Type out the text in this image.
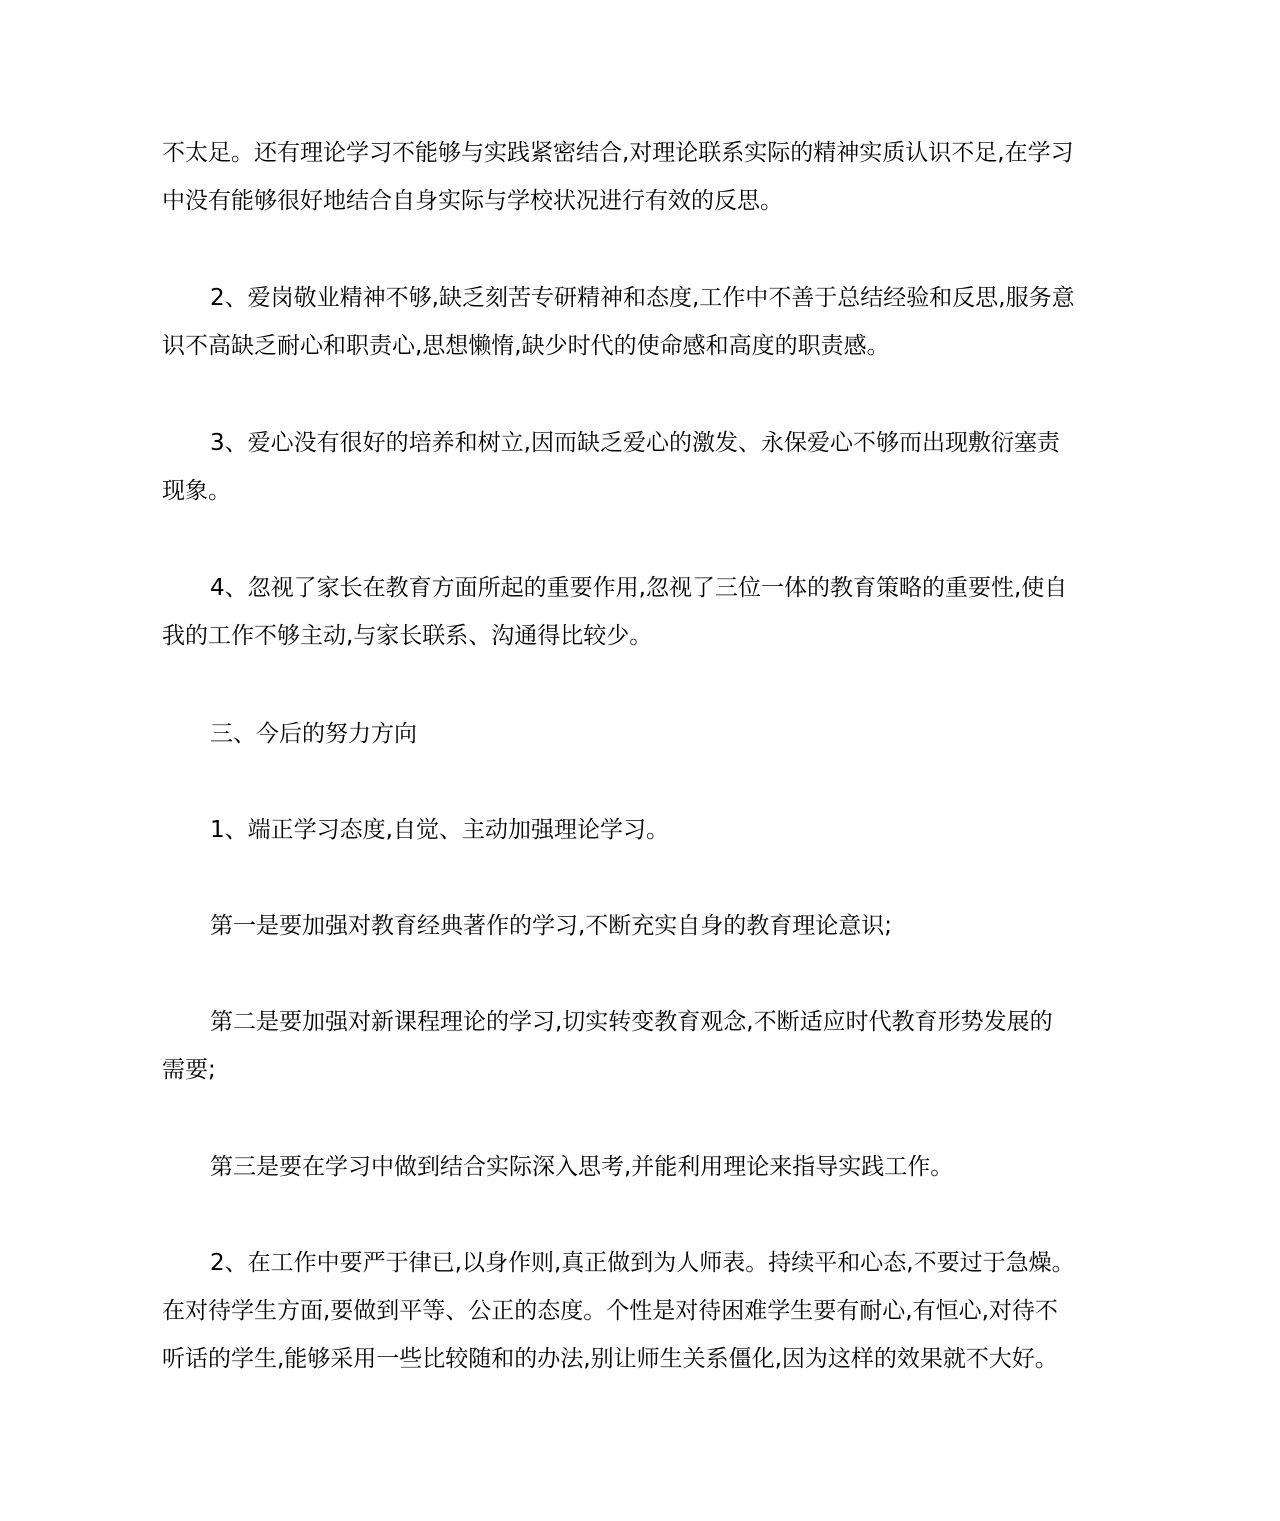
不太足。还有理论学习不能够与实践紧密结合,对理论联系实际的精神实质认识不足,在学习
中没有能够很好地结合自身实际与学校状况进行有效的反思。
2、爱岗敬业精神不够,缺乏刻苦专研精神和态度,工作中不善于总结经验和反思,服务意
识不高缺乏耐心和职责心,思想懒惰,缺少时代的使命感和高度的职责感。
3、爱心没有很好的培养和树立,因而缺乏爱心的激发、永保爱心不够而出现敷衍塞责
现象。
4、忽视了家长在教育方面所起的重要作用,忽视了三位一体的教育策略的重要性,使自
我的工作不够主动,与家长联系、沟通得比较少。
三、今后的努力方向
1、端正学习态度,自觉、主动加强理论学习。
第一是要加强对教育经典著作的学习,不断充实自身的教育理论意识;
第二是要加强对新课程理论的学习,切实转变教育观念,不断适应时代教育形势发展的
需要;
第三是要在学习中做到结合实际深入思考,并能利用理论来指导实践工作。
2、在工作中要严于律已,以身作则,真正做到为人师表。持续平和心态,不要过于急燥。
在对待学生方面,要做到平等、公正的态度。个性是对待困难学生要有耐心,有恒心,对待不
听话的学生,能够采用一些比较随和的办法,别让师生关系僵化,因为这样的效果就不大好。
